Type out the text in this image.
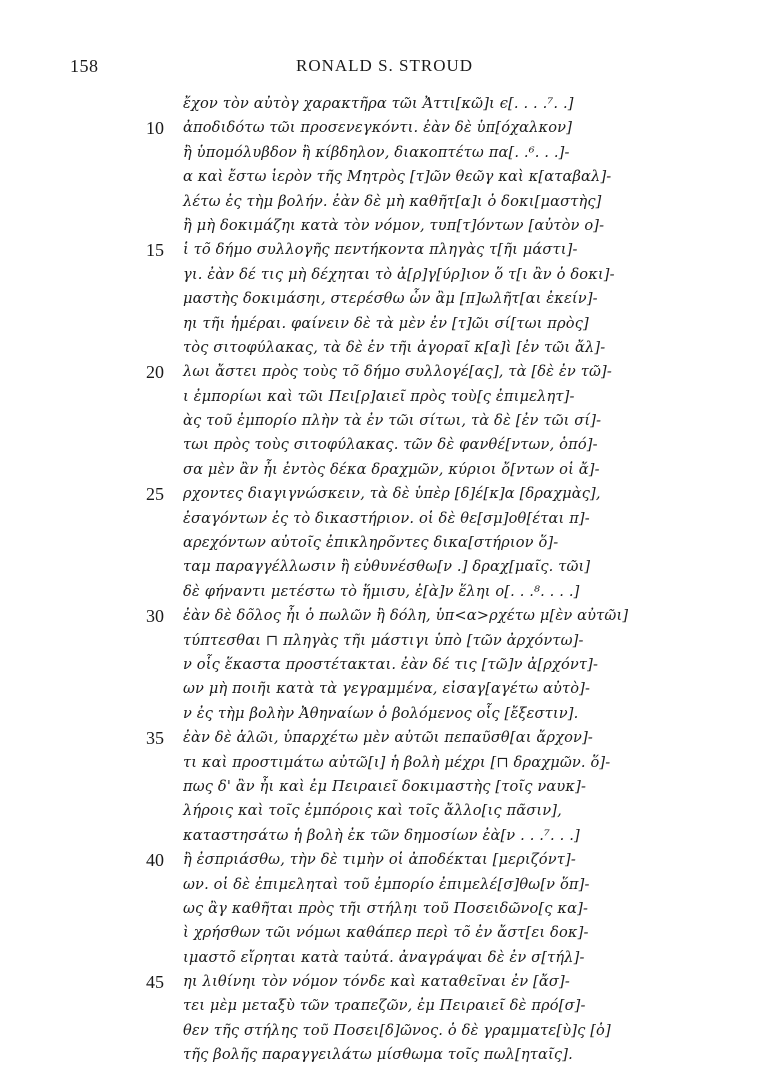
158	RONALD S. STROUD
ἔχον τὸν αὐτὸγ χαρακτῆρα τῶι Ἀττι[κῶ]ι ϵ[. . . .⁷. .]
10	ἀποδιδότω τῶι προσενεγκόντι. ἐὰν δὲ ὑπ[όχαλκον]
ἢ ὑπομόλυβδον ἢ κίβδηλον, διακοπτέτω πα[. .⁶. . .]-
α καὶ ἔστω ἱερὸν τῆς Μητρὸς [τ]ῶν θεῶγ καὶ κ[αταβαλ]-
λέτω ἐς τὴμ βολήν. ἐὰν δὲ μὴ καθῆτ[α]ι ὁ δοκι[μαστὴς]
ἢ μὴ δοκιμάζηι κατὰ τὸν νόμον, τυπ[τ]όντων [αὐτὸν ο]-
15	ἱ τõ δήμο συλλογῆς πεντήκοντα πληγὰς τ[ῆι μάστι]-
γι. ἐὰν δέ τις μὴ δέχηται τὸ ἀ[ρ]γ[ύρ]ιον ὅ τ[ι ἂν ὁ δοκι]-
μαστὴς δοκιμάσηι, στερέσθω ὧν ἂμ [π]ωλῆτ[αι ἐκείν]-
ηι τῆι ἡμέραι. φαίνειν δὲ τὰ μὲν ἐν [τ]ῶι σί[τωι πρὸς]
τὸς σιτοφύλακας, τὰ δὲ ἐν τῆι ἀγοραῖ κ[α]ὶ [ἐν τῶι ἄλ]-
20	λωι ἄστει πρὸς τοὺς τõ δήμο συλλογέ[ας], τὰ [δὲ ἐν τῶ]-
ι ἐμπορίωι καὶ τῶι Πει[ρ]αιεῖ πρὸς τοὺ[ς ἐπιμελητ]-
ὰς τοῦ ἐμπορίο πλὴν τὰ ἐν τῶι σίτωι, τὰ δὲ [ἐν τῶι σί]-
τωι πρὸς τοὺς σιτοφύλακας. τῶν δὲ φανθέ[ντων, ὁπό]-
σα μὲν ἂν ἦι ἐντὸς δέκα δραχμῶν, κύριοι ὄ[ντων οἱ ἄ]-
25	ρχοντες διαγιγνώσκειν, τὰ δὲ ὑπὲρ [δ]έ[κ]α [δραχμὰς],
ἐσαγόντων ἐς τὸ δικαστήριον. οἱ δὲ θε[σμ]οθ[έται π]-
αρεχόντων αὐτοῖς ἐπικληρõντες δικα[στήριον ὅ]-
ταμ παραγγέλλωσιν ἢ εὐθυνέσθω[ν .] δραχ[μαῖς. τῶι]
δὲ φήναντι μετέστω τὸ ἥμισυ, ἐ[ὰ]ν ἕληι ο[. . .⁸. . . .]
30	ἐὰν δὲ δõλος ἦι ὁ πωλῶν ἢ δόλη, ὑπ<α>ρχέτω μ[ὲν αὐτῶι]
τύπτεσθαι ⊓ πληγὰς τῆι μάστιγι ὑπὸ [τῶν ἀρχόντω]-
ν οἷς ἕκαστα προστέτακται. ἐὰν δέ τις [τῶ]ν ἀ[ρχόντ]-
ων μὴ ποιῆι κατὰ τὰ γεγραμμένα, εἰσαγ[αγέτω αὐτὸ]-
ν ἐς τὴμ βολὴν Ἀθηναίων ὁ βολόμενος οἷς [ἔξεστιν].
35	ἐὰν δὲ ἁλῶι, ὑπαρχέτω μὲν αὐτῶι πεπαῦσθ[αι ἄρχον]-
τι καὶ προστιμάτω αὐτῶ[ι] ἡ βολὴ μέχρι [⊓ δραχμῶν. ὅ]-
πως δ' ἂν ἦι καὶ ἐμ Πειραιεῖ δοκιμαστὴς [τοῖς ναυκ]-
λήροις καὶ τοῖς ἐμπόροις καὶ τοῖς ἄλλο[ις πᾶσιν],
καταστησάτω ἡ βολὴ ἐκ τῶν δημοσίων ἐὰ[ν . . .⁷. . .]
40	ἢ ἐσπριάσθω, τὴν δὲ τιμὴν οἱ ἀποδέκται [μεριζόντ]-
ων. οἱ δὲ ἐπιμεληταὶ τοῦ ἐμπορίο ἐπιμελέ[σ]θω[ν ὅπ]-
ως ἂγ καθῆται πρὸς τῆι στήληι τοῦ Ποσειδῶνο[ς κα]-
ὶ χρήσθων τῶι νόμωι καθάπερ περὶ τõ ἐν ἄστ[ει δοκ]-
ιμαστõ εἴρηται κατὰ ταὐτά. ἀναγράψαι δὲ ἐν σ[τήλ]-
45	ηι λιθίνηι τὸν νόμον τόνδε καὶ καταθεῖναι ἐν [ἄσ]-
τει μὲμ μεταξὺ τῶν τραπεζῶν, ἐμ Πειραιεῖ δὲ πρό[σ]-
θεν τῆς στήλης τοῦ Ποσει[δ]ῶνος. ὁ δὲ γραμματε[ὺ]ς [ὁ]
τῆς βολῆς παραγγειλάτω μίσθωμα τοῖς πωλ[ηταῖς].
